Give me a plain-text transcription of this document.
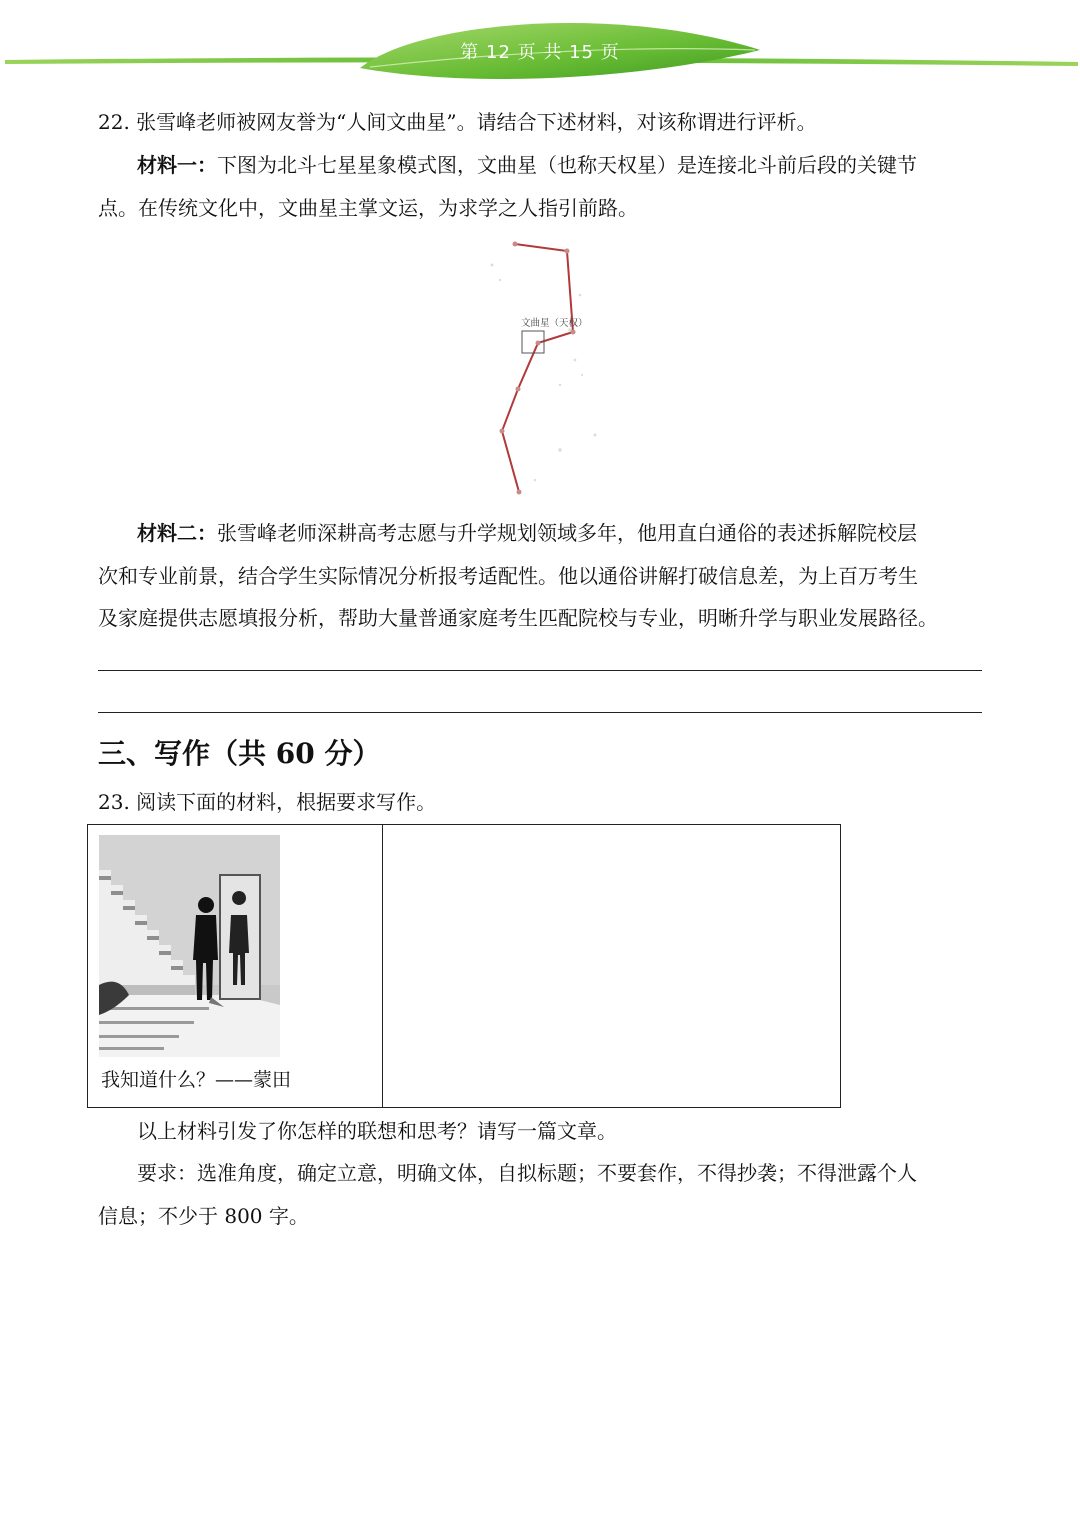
第 12 页 共 15 页
22. 张雪峰老师被网友誉为“人间文曲星”。请结合下述材料，对该称谓进行评析。
材料一：下图为北斗七星星象模式图，文曲星（也称天权星）是连接北斗前后段的关键节
点。在传统文化中，文曲星主掌文运，为求学之人指引前路。
文曲星（天权）
材料二：张雪峰老师深耕高考志愿与升学规划领域多年，他用直白通俗的表述拆解院校层
次和专业前景，结合学生实际情况分析报考适配性。他以通俗讲解打破信息差，为上百万考生
及家庭提供志愿填报分析，帮助大量普通家庭考生匹配院校与专业，明晰升学与职业发展路径。
三、写作（共 60 分）
23. 阅读下面的材料，根据要求写作。
我知道什么？——蒙田
以上材料引发了你怎样的联想和思考？请写一篇文章。
要求：选准角度，确定立意，明确文体，自拟标题；不要套作，不得抄袭；不得泄露个人
信息；不少于 800 字。
